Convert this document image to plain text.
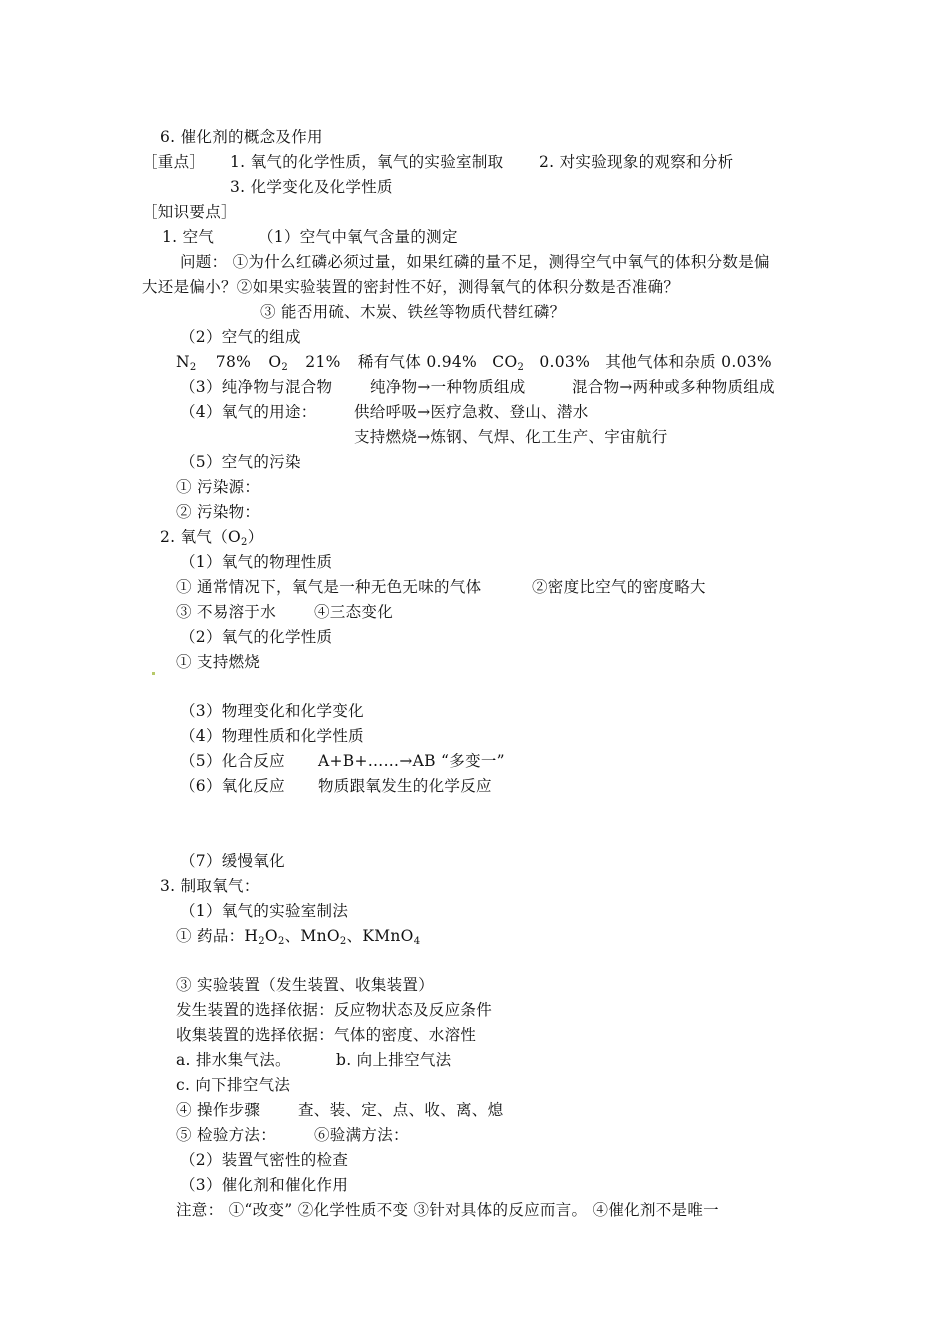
6. 催化剂的概念及作用
［重点］ 1. 氧气的化学性质，氧气的实验室制取 2. 对实验现象的观察和分析
3. 化学变化及化学性质
［知识要点］
1. 空气	（1）空气中氧气含量的测定
问题： ①为什么红磷必须过量，如果红磷的量不足，测得空气中氧气的体积分数是偏
大还是偏小？②如果实验装置的密封性不好，测得氧气的体积分数是否准确？
③ 能否用硫、木炭、铁丝等物质代替红磷？
（2）空气的组成
$N_2$ 78% $O_2$ 21% 稀有气体 0.94% $CO_2$ 0.03% 其他气体和杂质 0.03%
（3）纯净物与混合物 纯净物→一种物质组成	混合物→两种或多种物质组成
（4）氧气的用途： 供给呼吸→医疗急救、登山、潜水
支持燃烧→炼钢、气焊、化工生产、宇宙航行
（5）空气的污染
① 污染源：
② 污染物：
2. 氧气$(O_2)$
（1）氧气的物理性质
① 通常情况下，氧气是一种无色无味的气体	②密度比空气的密度略大
③ 不易溶于水 ④三态变化
（2）氧气的化学性质
① 支持燃烧
（3）物理变化和化学变化
（4）物理性质和化学性质
（5）化合反应 A+B+……→AB “多变一”
（6）氧化反应 物质跟氧发生的化学反应
（7）缓慢氧化
3. 制取氧气：
（1）氧气的实验室制法
① 药品：$H_2O_2$、MnO$_2$、KMnO$_4$
③ 实验装置（发生装置、收集装置）
发生装置的选择依据：反应物状态及反应条件
收集装置的选择依据：气体的密度、水溶性
a. 排水集气法。	b. 向上排空气法
c. 向下排空气法
④ 操作步骤 查、装、定、点、收、离、熄
⑤ 检验方法： ⑥验满方法：
（2）装置气密性的检查
（3）催化剂和催化作用
注意： ①“改变” ②化学性质不变 ③针对具体的反应而言。 ④催化剂不是唯一
